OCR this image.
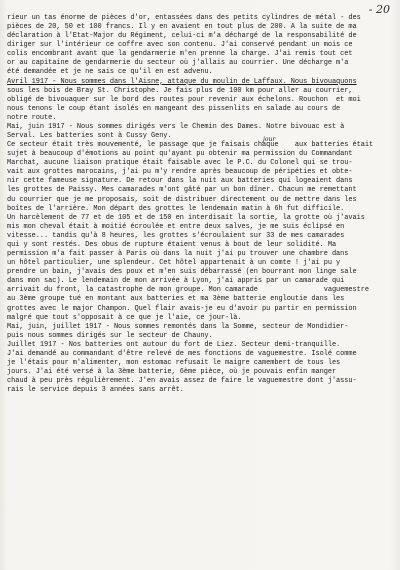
- 20
rieur un tas énorme de pièces d'or, entassées dans des petits cylindres de métal - des
pièces de 20, 50 et 100 francs. Il y en avaient en tout plus de 200. A la suite de ma
déclaration à l'Etat-Major du Régiment, celui-ci m'a déchargé de la responsabilité de
diriger sur l'intérieur ce coffre avec son contenu. J'ai conservé pendant un mois ce
colis encombrant avant que la gendarmerie m'en prenne la charge. J'ai remis tout cet
or au capitaine de gendarmerie du secteur où j'allais au courrier. Une décharge m'a
été demandée et je ne sais ce qu'il en est advenu.
Avril 1917 - Nous sommes dans l'Aisne, attaque du moulin de Laffaux. Nous bivouaquons
sous les bois de Bray St. Christophe. Je fais plus de 100 km pour aller au courrier,
obligé de bivouaquer sur le bord des routes pour revenir aux échelons. Rouchon  et moi
nous tenons le coup étant isolés en mangeant des pissenlits en salade au cours de
notre route.
Mai, juin 1917 - Nous sommes dirigés vers le Chemin des Dames. Notre bivouac est à
Serval. Les batteries sont à Cussy Geny.
Ce secteur était très mouvementé, le passage que je faisais chaque    aux batteries était
sujet à beaucoup d'émotions au point qu'ayant pu obtenir ma permission du Commandant
Marchat, aucune liaison pratique était faisable avec le P.C. du Colonel qui se trou-
vait aux grottes marocains, j'ai pu m'y rendre après beaucoup de péripéties et obte-
nir cette fameuse signature. De retour dans la nuit aux batteries qui logeaient dans
les grottes de Paissy. Mes camarades m'ont gâté par un bon dîner. Chacun me remettant
du courrier que je me proposais, soit de distribuer directement ou de mettre dans les
boîtes de l'arrière. Mon départ des grottes le lendemain matin à 6h fut difficile.
Un harcèlement de 77 et de 105 et de 150 en interdisait la sortie, la grotte où j'avais
mis mon cheval était à moitié écroulée et entre deux salves, je me suis éclipsé en
vitesse... tandis qu'à 8 heures, les grottes s'écroulaient sur 33 de mes camarades
qui y sont restés. Des obus de rupture étaient venus à bout de leur solidité. Ma
permission m'a fait passer à Paris où dans la nuit j'ai pu trouver une chambre dans
un hôtel particulier, une splendeur. Cet hôtel appartenait à un comte ! j'ai pu y
prendre un bain, j'avais des poux et m'en suis débarrassé (en bourrant mon linge sale
dans mon sac). Le lendemain de mon arrivée à Lyon, j'ai appris par un camarade qui
arrivait du front, la catastrophe de mon groupe. Mon camarade                vaguemestre
au 3ème groupe tué en montant aux batteries et ma 3ème batterie engloutie dans les
grottes avec le major Champon. Quel flair avais-je eu d'avoir pu partir en permission
malgré que tout s'opposait à ce que je l'aie, ce jour-là.
Mai, juin, juillet 1917 - Nous sommes remontés dans la Somme, secteur de Mondidier-
puis nous sommes dirigés sur le secteur de Chauny.
Juillet 1917 - Nos batteries ont autour du fort de Liez. Secteur demi-tranquille.
J'ai demandé au commandant d'être relevé de mes fonctions de vaguemestre. Isolé comme
je l'étais pour m'alimenter, mon estomac refusait le maigre camembert de tous les
jours. J'ai été versé à la 3ème batterie, 6ème pièce, où je pouvais enfin manger
chaud à peu près régulièrement. J'en avais assez de faire le vaguemestre dont j'assu-
rais le service depuis 3 années sans arrêt.
jour
